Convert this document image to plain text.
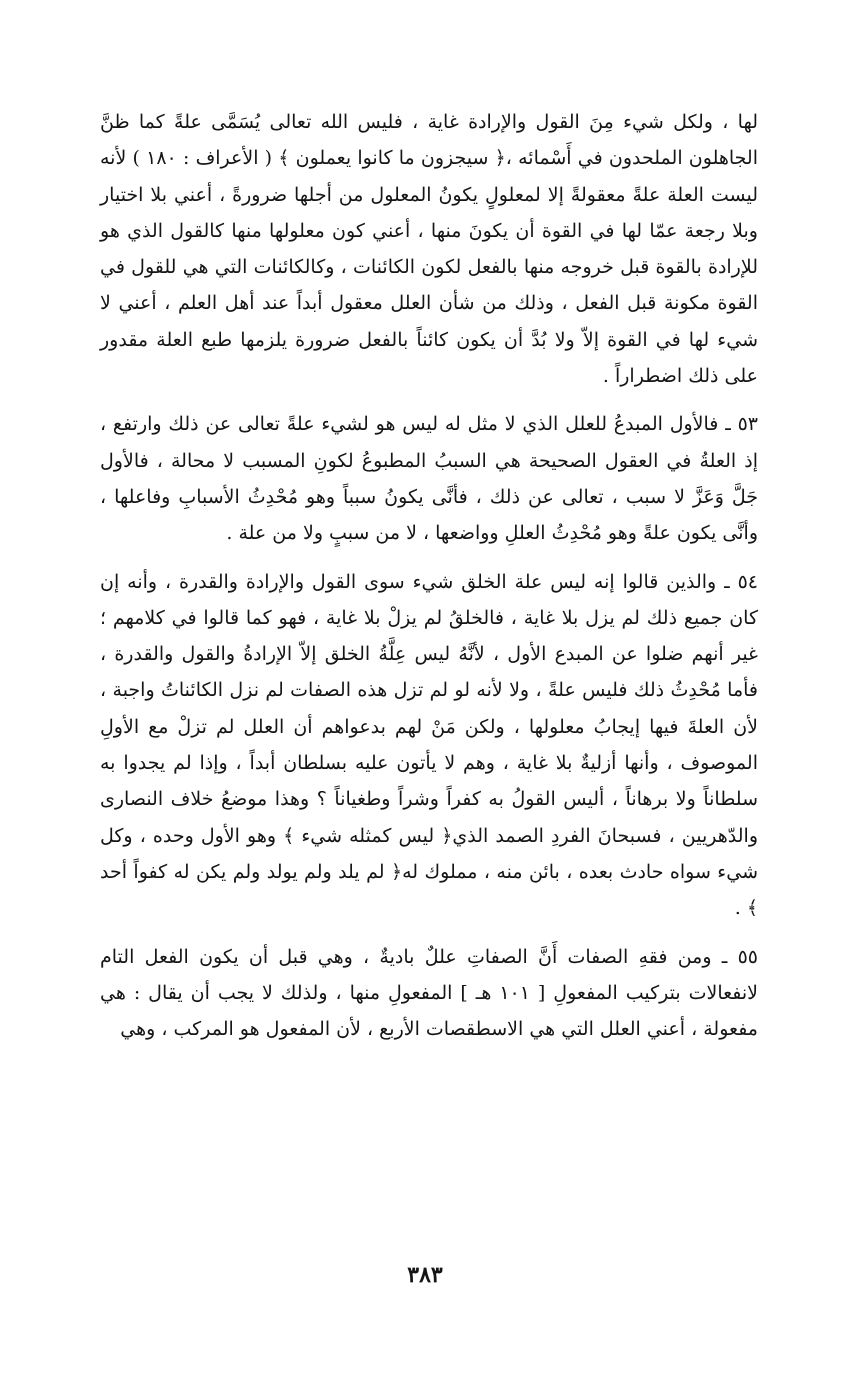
لها ، ولكل شيء مِنَ القول والإرادة غاية ، فليس الله تعالى يُسَمَّى علةً كما ظنَّ الجاهلون الملحدون في أَسْمائه ،﴿ سيجزون ما كانوا يعملون ﴾ ( الأعراف : ١٨٠ ) لأنه ليست العلة علةً معقولةً إلا لمعلولٍ يكونُ المعلول من أجلها ضرورةً ، أعني بلا اختيار وبلا رجعة عمّا لها في القوة أن يكونَ منها ، أعني كون معلولها منها كالقول الذي هو للإرادة بالقوة قبل خروجه منها بالفعل لكون الكائنات ، وكالكائنات التي هي للقول في القوة مكونة قبل الفعل ، وذلك من شأن العلل معقول أبداً عند أهل العلم ، أعني لا شيء لها في القوة إلاّ ولا بُدَّ أن يكون كائناً بالفعل ضرورة يلزمها طبع العلة مقدور على ذلك اضطراراً .

٥٣ ـ فالأول المبدعُ للعلل الذي لا مثل له ليس هو لشيء علةً تعالى عن ذلك وارتفع ، إذ العلةُ في العقول الصحيحة هي السببُ المطبوعُ لكونِ المسبب لا محالة ، فالأول جَلَّ وَعَزَّ لا سبب ، تعالى عن ذلك ، فأنَّى يكونُ سبباً وهو مُحْدِثُ الأسبابِ وفاعلها ، وأنَّى يكون علةً وهو مُحْدِثُ العللِ وواضعها ، لا من سببٍ ولا من علة .

٥٤ ـ والذين قالوا إنه ليس علة الخلق شيء سوى القول والإرادة والقدرة ، وأنه إن كان جميع ذلك لم يزل بلا غاية ، فالخلقُ لم يزلْ بلا غاية ، فهو كما قالوا في كلامهم ؛ غير أنهم ضلوا عن المبدع الأول ، لأنَّهُ ليس عِلَّةُ الخلق إلاّ الإرادةُ والقول والقدرة ، فأما مُحْدِثُ ذلك فليس علةً ، ولا لأنه لو لم تزل هذه الصفات لم نزل الكائناتُ واجبة ، لأن العلةَ فيها إيجابُ معلولها ، ولكن مَنْ لهم بدعواهم أن العلل لم تزلْ مع الأولِ الموصوف ، وأنها أزليةٌ بلا غاية ، وهم لا يأتون عليه بسلطان أبداً ، وإذا لم يجدوا به سلطاناً ولا برهاناً ، أليس القولُ به كفراً وشراً وطغياناً ؟ وهذا موضعُ خلاف النصارى والدّهريين ، فسبحانَ الفردِ الصمد الذي﴿ ليس كمثله شيء ﴾ وهو الأول وحده ، وكل شيء سواه حادث بعده ، بائن منه ، مملوك له﴿ لم يلد ولم يولد ولم يكن له كفواً أحد ﴾ .

٥٥ ـ ومن فقهِ الصفات أَنَّ الصفاتِ عللٌ باديةٌ ، وهي قبل أن يكون الفعل التام لانفعالات بتركيب المفعولِ [ ١٠١ هـ ] المفعولِ منها ، ولذلك لا يجب أن يقال : هي مفعولة ، أعني العلل التي هي الاسطقصات الأربع ، لأن المفعول هو المركب ، وهي

٣٨٣
